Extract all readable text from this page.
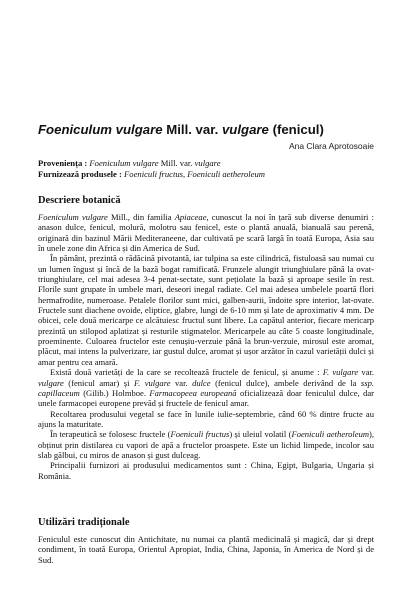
Foeniculum vulgare Mill. var. vulgare (fenicul)
Ana Clara Aprotosoaie

Proveniența : Foeniculum vulgare Mill. var. vulgare

Furnizează produsele : Foeniculi fructus, Foeniculi aetheroleum

Descriere botanică

Foeniculum vulgare Mill., din familia Apiaceae, cunoscut la noi în țară sub diverse denumiri : anason dulce, fenicul, molură, molotru sau fenicel, este o plantă anuală, bianuală sau perenă, originară din bazinul Mării Mediteraneene, dar cultivată pe scară largă în toată Europa, Asia sau în unele zone din Africa și din America de Sud.

În pământ, prezintă o rădăcină pivotantă, iar tulpina sa este cilindrică, fistuloasă sau numai cu un lumen îngust și încă de la bază bogat ramificată. Frunzele alungit triunghiulare până la ovat-triunghiulare, cel mai adesea 3-4 penat-sectate, sunt pețiolate la bază și aproape sesile în rest. Florile sunt grupate în umbele mari, deseori inegal radiate. Cel mai adesea umbelele poartă flori hermafrodite, numeroase. Petalele florilor sunt mici, galben-aurii, îndoite spre interior, lat-ovate. Fructele sunt diachene ovoide, eliptice, glabre, lungi de 6-10 mm și late de aproximativ 4 mm. De obicei, cele două mericarpe ce alcătuiesc fructul sunt libere. La capătul anterior, fiecare mericarp prezintă un stilopod aplatizat și resturile stigmatelor. Mericarpele au câte 5 coaste longitudinale, proeminente. Culoarea fructelor este cenușiu-verzuie până la brun-verzuie, mirosul este aromat, plăcut, mai intens la pulverizare, iar gustul dulce, aromat și ușor arzător în cazul varietății dulci și amar pentru cea amară.

Există două varietăți de la care se recoltează fructele de fenicul, și anume : F. vulgare var. vulgare (fenicul amar) și F. vulgare var. dulce (fenicul dulce), ambele derivând de la ssp. capillaceum (Gilib.) Holmboe. Farmacopeea europeană oficializează doar feniculul dulce, dar unele farmacopei europene prevăd și fructele de fenicul amar.

Recoltarea produsului vegetal se face în lunile iulie-septembrie, când 60 % dintre fructe au ajuns la maturitate.

În terapeutică se folosesc fructele (Foeniculi fructus) și uleiul volatil (Foeniculi aetheroleum), obținut prin distilarea cu vapori de apă a fructelor proaspete. Este un lichid limpede, incolor sau slab gălbui, cu miros de anason și gust dulceag.

Principalii furnizori ai produsului medicamentos sunt : China, Egipt, Bulgaria, Ungaria și România.

Utilizări tradiționale

Feniculul este cunoscut din Antichitate, nu numai ca plantă medicinală și magică, dar și drept condiment, în toată Europa, Orientul Apropiat, India, China, Japonia, în America de Nord și de Sud.
